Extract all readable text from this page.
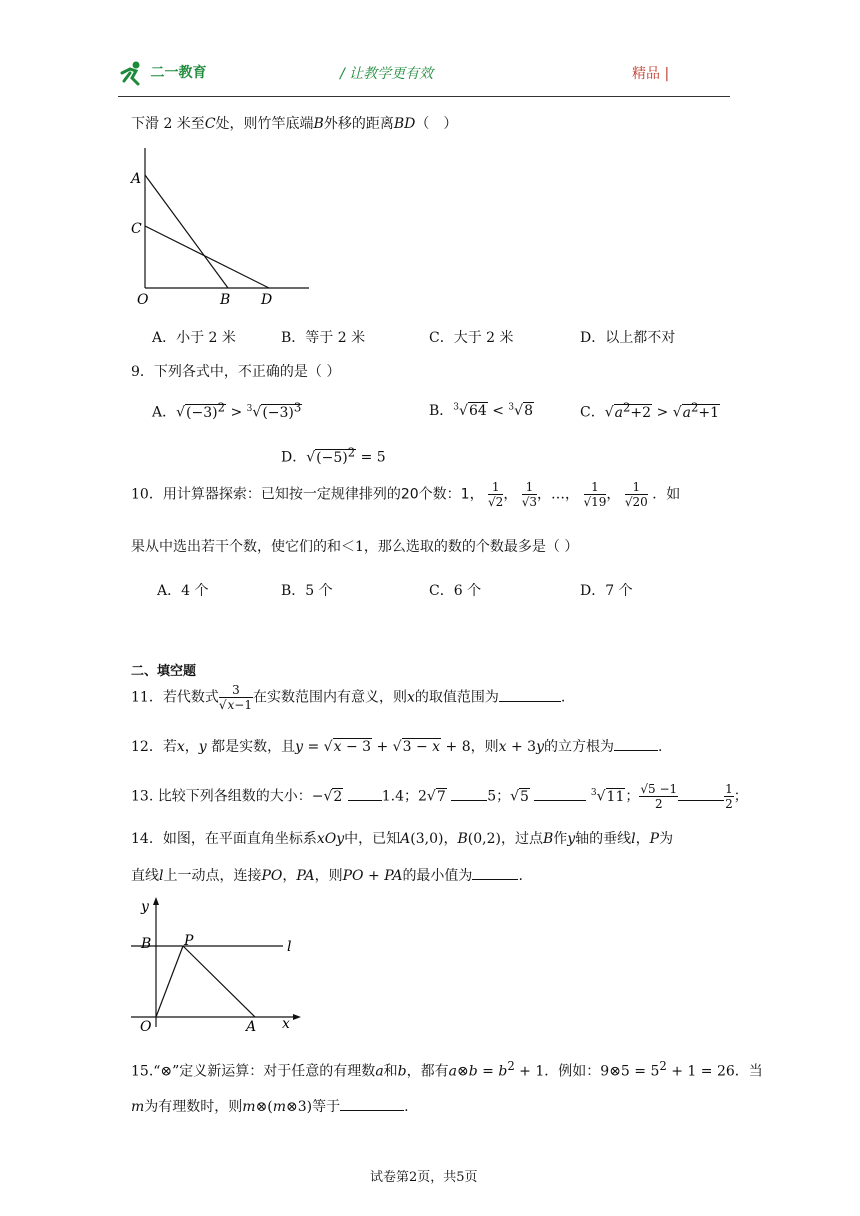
二一教育	/ 让教学更有效	精品 |
下滑 2 米至C处，则竹竿底端B外移的距离BD（　）
A
C
O	B D
A．小于 2 米	B．等于 2 米	C．大于 2 米	D．以上都不对
9．下列各式中，不正确的是（ ）
A．$√(-3)^2 > ^3√(-3)^3$	B．$^3$√64 < $^3$√8	C．$√a^2+2 > √a^2+1$
D．$√(-5)^2 = 5$
10．用计算器探索：已知按一定规律排列的20个数：1， $\frac{1}{√2}$ ， $\frac{1}{√3}$ ，…， $\frac{1}{√19}$ ， $\frac{1}{√20}$ ．如
果从中选出若干个数，使它们的和＜1，那么选取的数的个数最多是（ ）
A．4 个	B．5 个	C．6 个	D．7 个
二、填空题
11．若代数式 $\frac{3}{√x-1}$ 在实数范围内有意义，则x的取值范围为	.
12．若x，y 都是实数，且y = √x − 3 + √3 − x + 8，则x + 3y的立方根为	.
13. 比较下列各组数的大小：−√2	1.4；2√7	5；√5	$^3$√11； $\frac{√5 -1}{2}$	$\frac{1}{2}$ ；
14．如图，在平面直角坐标系xOy中，已知A(3,0)，B(0,2)，过点B作y轴的垂线l，P为
直线l上一动点，连接PO，PA，则PO + PA的最小值为	.
y
B P	l
O	A x
15.“⊗”定义新运算：对于任意的有理数a和b，都有a⊗b = $b^2 + 1$．例如：9⊗5 = $5^2 + 1 = 26$．当
m为有理数时，则m⊗(m⊗3)等于	.
试卷第2页，共5页
